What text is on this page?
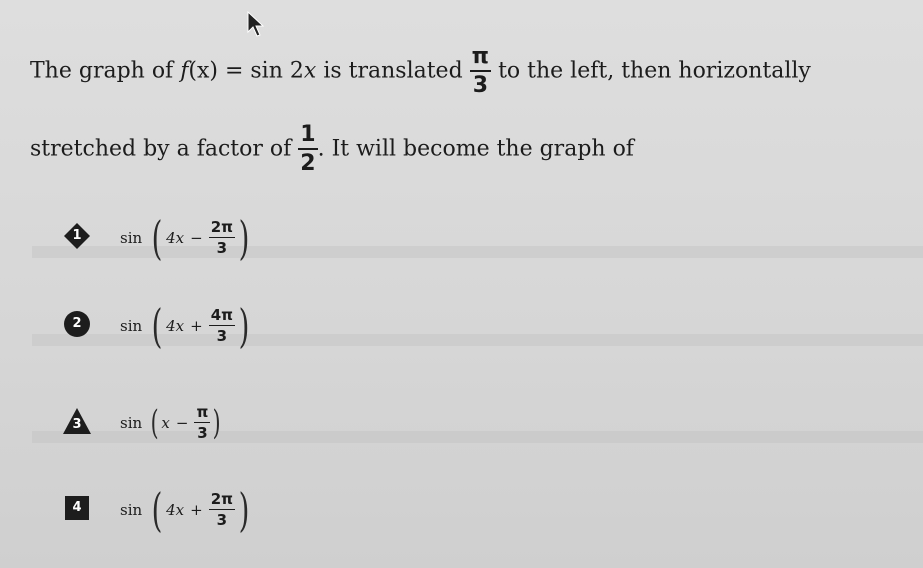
The graph of f(x) = sin 2x is translated $\frac{\pi}{3}$ to the left, then horizontally
stretched by a factor of $\frac{1}{2}$ . It will become the graph of
1	sin ( $4x - \frac{2\pi}{3}$ )
2	sin ( $4x + \frac{4\pi}{3}$ )
3	sin ( $x - \frac{\pi}{3}$ )
4	sin ( $4x + \frac{2\pi}{3}$ )
